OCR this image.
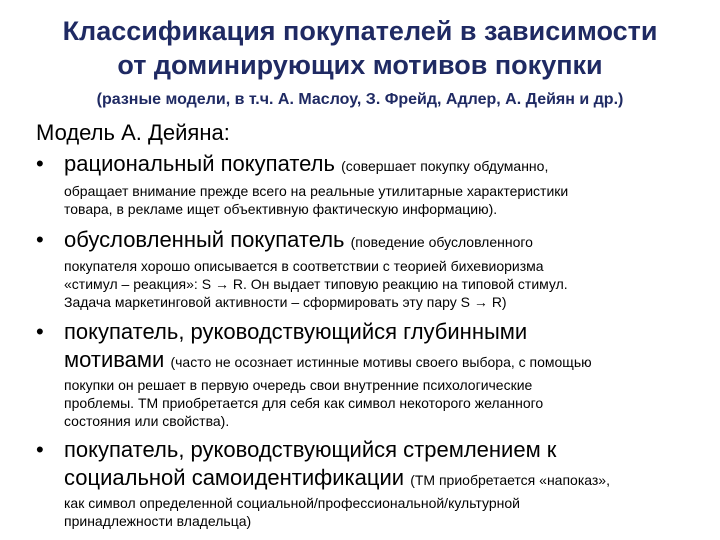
Классификация покупателей в зависимости
от доминирующих мотивов покупки
(разные модели, в т.ч. А. Маслоу, З. Фрейд, Адлер, А. Дейян и др.)
Модель А. Дейяна:
• рациональный покупатель (совершает покупку обдуманно,
обращает внимание прежде всего на реальные утилитарные характеристики
товара, в рекламе ищет объективную фактическую информацию).
• обусловленный покупатель (поведение обусловленного
покупателя хорошо описывается в соответствии с теорией бихевиоризма
«стимул – реакция»: S → R. Он выдает типовую реакцию на типовой стимул.
Задача маркетинговой активности – сформировать эту пару S → R)
• покупатель, руководствующийся глубинными
мотивами (часто не осознает истинные мотивы своего выбора, с помощью
покупки он решает в первую очередь свои внутренние психологические
проблемы. ТМ приобретается для себя как символ некоторого желанного
состояния или свойства).
• покупатель, руководствующийся стремлением к
социальной самоидентификации (ТМ приобретается «напоказ»,
как символ определенной социальной/профессиональной/культурной
принадлежности владельца)
